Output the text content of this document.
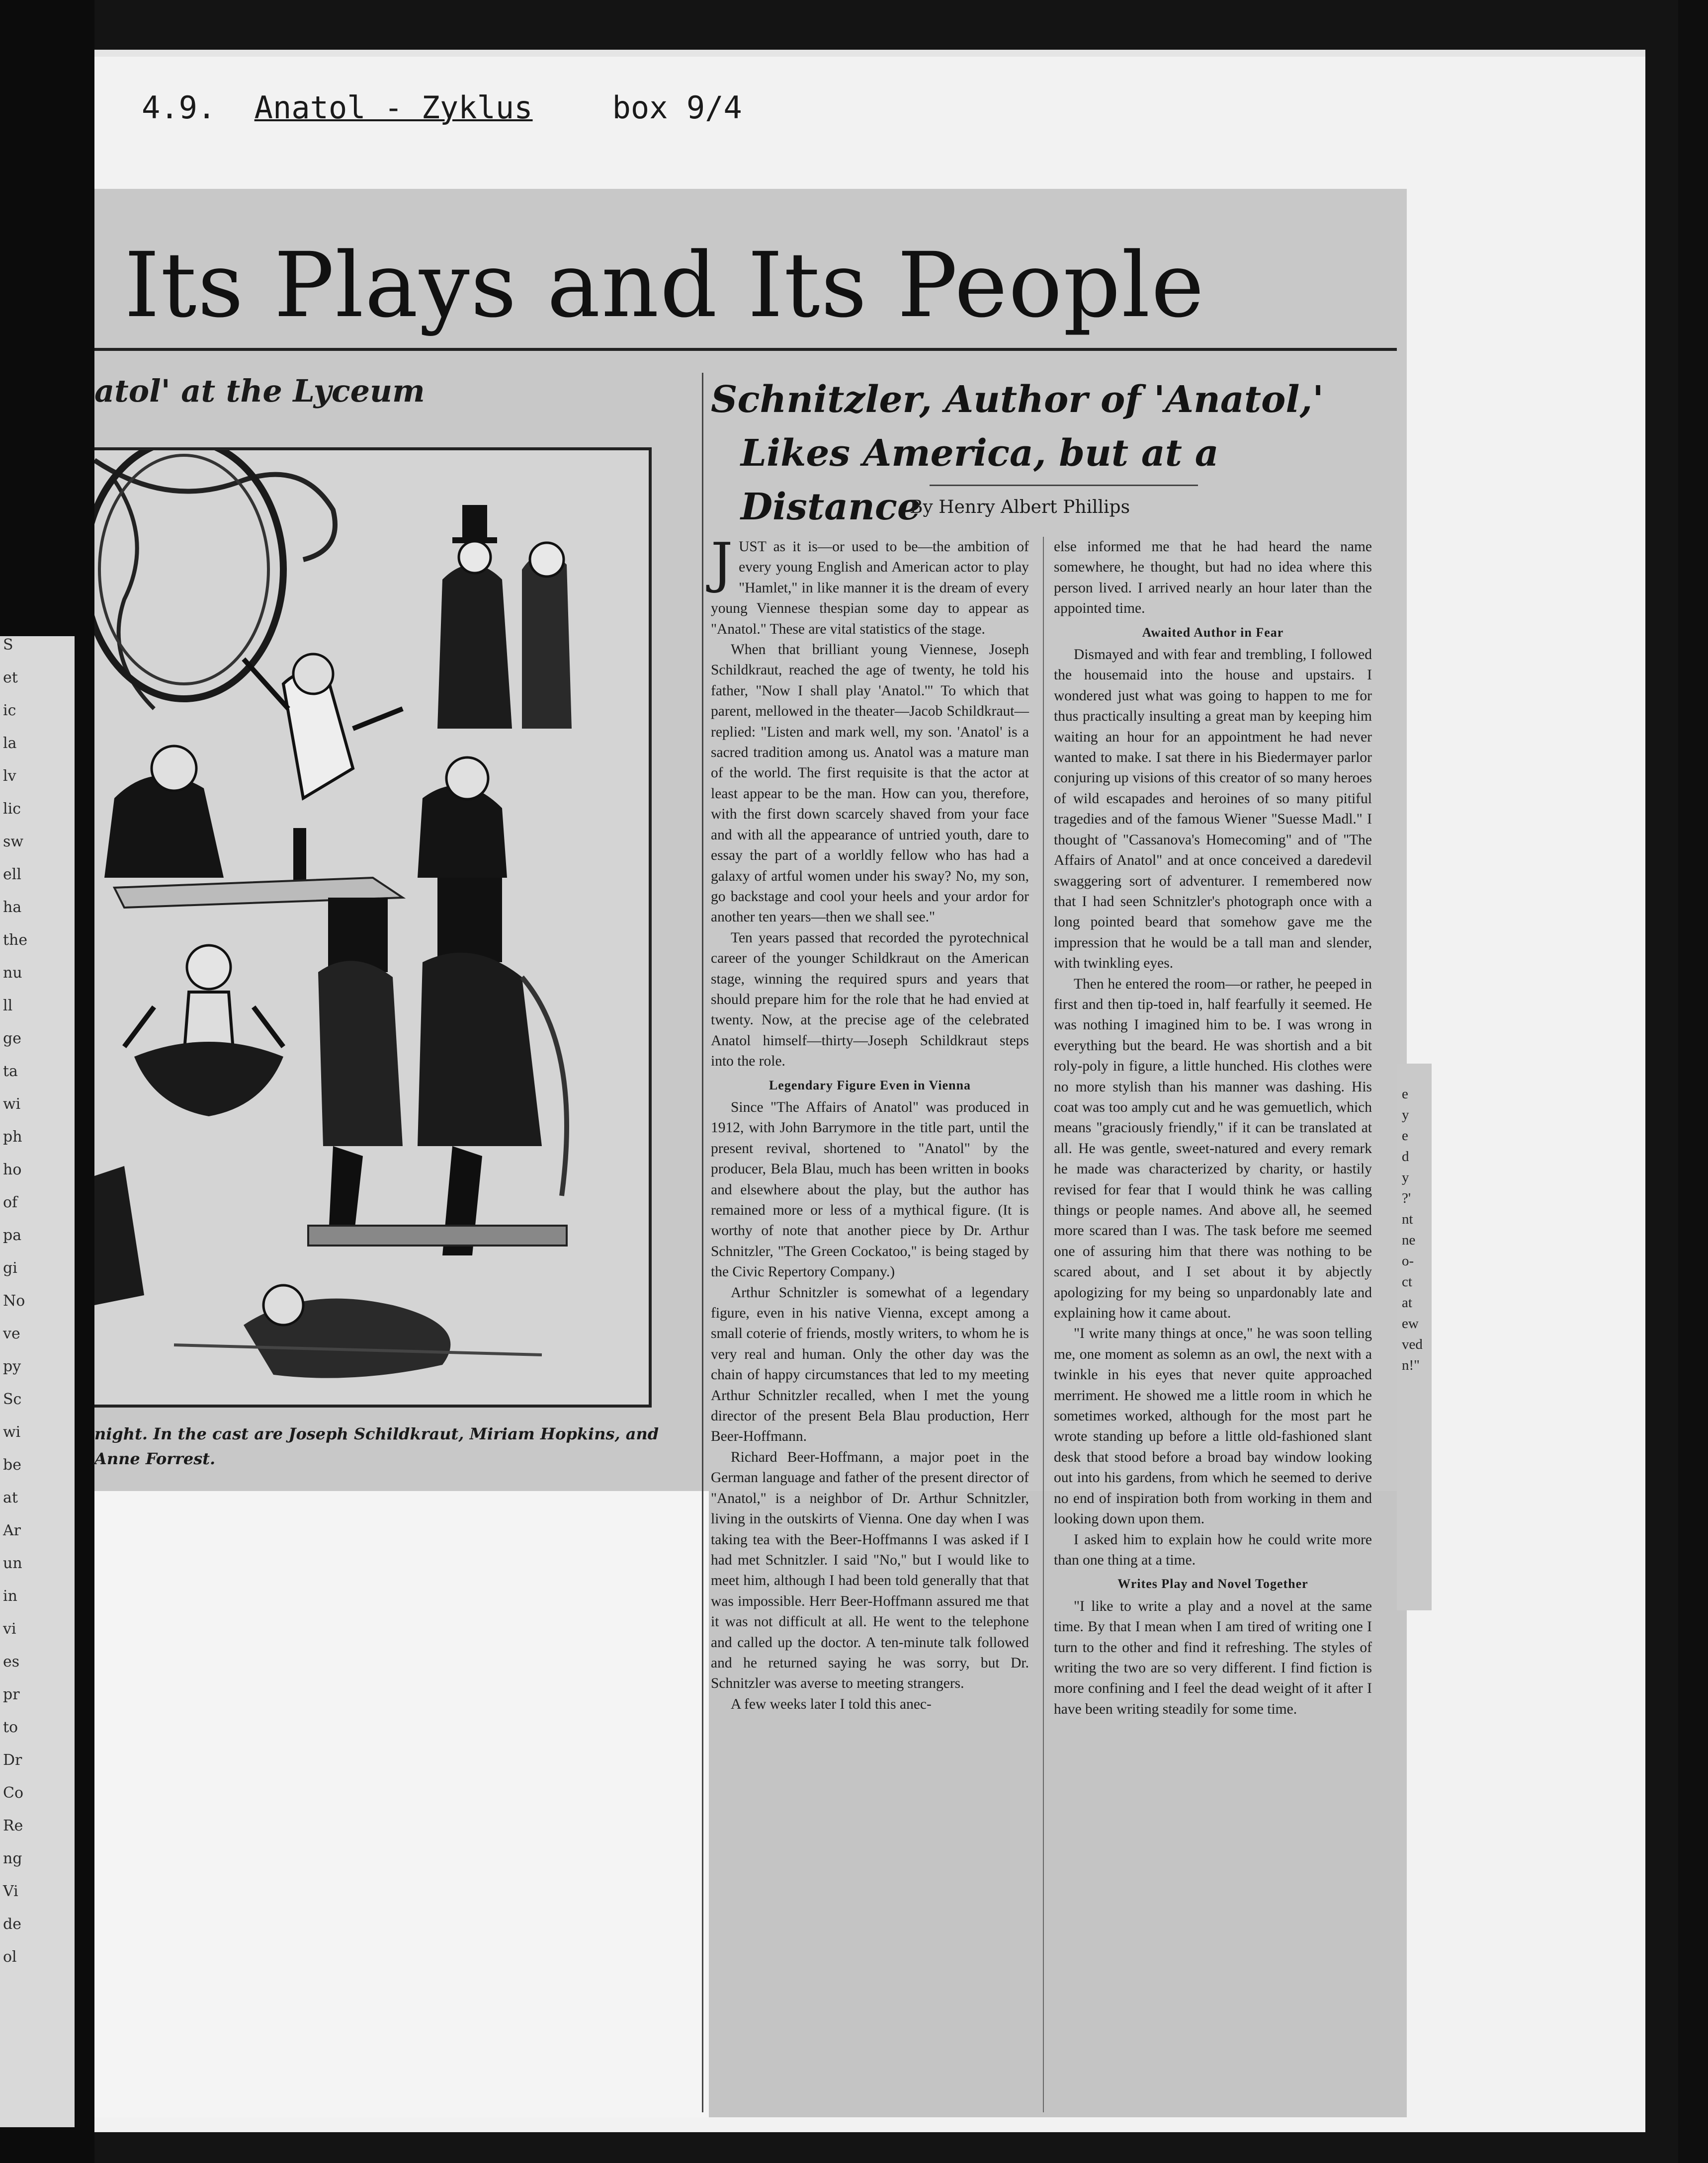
S
et
ic
la
lv
lic
sw
ell
ha
the
nu
ll
ge
ta
wi
ph
ho
of
pa
gi
No
ve
py
Sc
wi
be
at
Ar
un
in
vi
es
pr
to
Dr
Co
Re
ng
Vi
de
ol
4.9. Anatol - Zyklus	box 9/4
Its Plays and Its People
atol' at the Lyceum
night. In the cast are Joseph Schildkraut, Miriam Hopkins, and Anne Forrest.
Schnitzler, Author of 'Anatol,'
Likes America, but at a Distance
By Henry Albert Phillips

JUST as it is—or used to be—the ambition of every young English and American actor to play "Hamlet," in like manner it is the dream of every young Viennese thespian some day to appear as "Anatol." These are vital statistics of the stage.

When that brilliant young Viennese, Joseph Schildkraut, reached the age of twenty, he told his father, "Now I shall play 'Anatol.'" To which that parent, mellowed in the theater—Jacob Schildkraut—replied: "Listen and mark well, my son. 'Anatol' is a sacred tradition among us. Anatol was a mature man of the world. The first requisite is that the actor at least appear to be the man. How can you, therefore, with the first down scarcely shaved from your face and with all the appearance of untried youth, dare to essay the part of a worldly fellow who has had a galaxy of artful women under his sway? No, my son, go backstage and cool your heels and your ardor for another ten years—then we shall see."

Ten years passed that recorded the pyrotechnical career of the younger Schildkraut on the American stage, winning the required spurs and years that should prepare him for the role that he had envied at twenty. Now, at the precise age of the celebrated Anatol himself—thirty—Joseph Schildkraut steps into the role.

Legendary Figure Even in Vienna

Since "The Affairs of Anatol" was produced in 1912, with John Barrymore in the title part, until the present revival, shortened to "Anatol" by the producer, Bela Blau, much has been written in books and elsewhere about the play, but the author has remained more or less of a mythical figure. (It is worthy of note that another piece by Dr. Arthur Schnitzler, "The Green Cockatoo," is being staged by the Civic Repertory Company.)

Arthur Schnitzler is somewhat of a legendary figure, even in his native Vienna, except among a small coterie of friends, mostly writers, to whom he is very real and human. Only the other day was the chain of happy circumstances that led to my meeting Arthur Schnitzler recalled, when I met the young director of the present Bela Blau production, Herr Beer-Hoffmann.

Richard Beer-Hoffmann, a major poet in the German language and father of the present director of "Anatol," is a neighbor of Dr. Arthur Schnitzler, living in the outskirts of Vienna. One day when I was taking tea with the Beer-Hoffmanns I was asked if I had met Schnitzler. I said "No," but I would like to meet him, although I had been told generally that that was impossible. Herr Beer-Hoffmann assured me that it was not difficult at all. He went to the telephone and called up the doctor. A ten-minute talk followed and he returned saying he was sorry, but Dr. Schnitzler was averse to meeting strangers.

A few weeks later I told this anec-

else informed me that he had heard the name somewhere, he thought, but had no idea where this person lived. I arrived nearly an hour later than the appointed time.

Awaited Author in Fear

Dismayed and with fear and trembling, I followed the housemaid into the house and upstairs. I wondered just what was going to happen to me for thus practically insulting a great man by keeping him waiting an hour for an appointment he had never wanted to make. I sat there in his Biedermayer parlor conjuring up visions of this creator of so many heroes of wild escapades and heroines of so many pitiful tragedies and of the famous Wiener "Suesse Madl." I thought of "Cassanova's Homecoming" and of "The Affairs of Anatol" and at once conceived a daredevil swaggering sort of adventurer. I remembered now that I had seen Schnitzler's photograph once with a long pointed beard that somehow gave me the impression that he would be a tall man and slender, with twinkling eyes.

Then he entered the room—or rather, he peeped in first and then tip-toed in, half fearfully it seemed. He was nothing I imagined him to be. I was wrong in everything but the beard. He was shortish and a bit roly-poly in figure, a little hunched. His clothes were no more stylish than his manner was dashing. His coat was too amply cut and he was gemuetlich, which means "graciously friendly," if it can be translated at all. He was gentle, sweet-natured and every remark he made was characterized by charity, or hastily revised for fear that I would think he was calling things or people names. And above all, he seemed more scared than I was. The task before me seemed one of assuring him that there was nothing to be scared about, and I set about it by abjectly apologizing for my being so unpardonably late and explaining how it came about.

"I write many things at once," he was soon telling me, one moment as solemn as an owl, the next with a twinkle in his eyes that never quite approached merriment. He showed me a little room in which he sometimes worked, although for the most part he wrote standing up before a little old-fashioned slant desk that stood before a broad bay window looking out into his gardens, from which he seemed to derive no end of inspiration both from working in them and looking down upon them.

I asked him to explain how he could write more than one thing at a time.

Writes Play and Novel Together

"I like to write a play and a novel at the same time. By that I mean when I am tired of writing one I turn to the other and find it refreshing. The styles of writing the two are so very different. I find fiction is more confining and I feel the dead weight of it after I have been writing steadily for some time.

e
y
e
d
y
?'
nt
ne
o-
ct
at
ew
ved
n!"
